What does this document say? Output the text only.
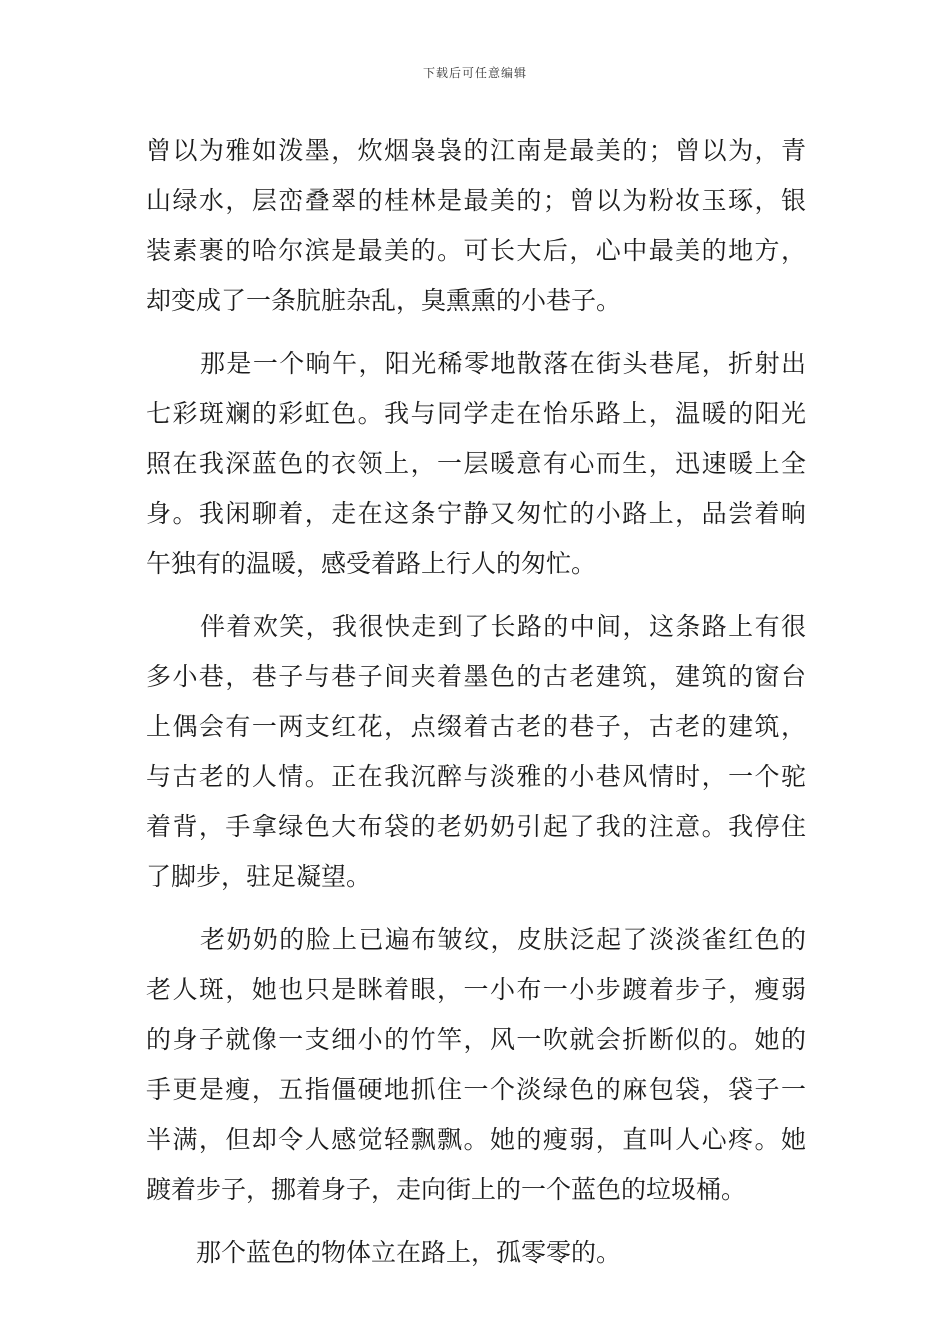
下载后可任意编辑
曾以为雅如泼墨，炊烟袅袅的江南是最美的；曾以为，青
山绿水，层峦叠翠的桂林是最美的；曾以为粉妆玉琢，银
装素裹的哈尔滨是最美的。可长大后，心中最美的地方，
却变成了一条肮脏杂乱，臭熏熏的小巷子。
那是一个晌午，阳光稀零地散落在街头巷尾，折射出
七彩斑斓的彩虹色。我与同学走在怡乐路上，温暖的阳光
照在我深蓝色的衣领上，一层暖意有心而生，迅速暖上全
身。我闲聊着，走在这条宁静又匆忙的小路上，品尝着晌
午独有的温暖，感受着路上行人的匆忙。
伴着欢笑，我很快走到了长路的中间，这条路上有很
多小巷，巷子与巷子间夹着墨色的古老建筑，建筑的窗台
上偶会有一两支红花，点缀着古老的巷子，古老的建筑，
与古老的人情。正在我沉醉与淡雅的小巷风情时，一个驼
着背，手拿绿色大布袋的老奶奶引起了我的注意。我停住
了脚步，驻足凝望。
老奶奶的脸上已遍布皱纹，皮肤泛起了淡淡雀红色的
老人斑，她也只是眯着眼，一小布一小步踱着步子，瘦弱
的身子就像一支细小的竹竿，风一吹就会折断似的。她的
手更是瘦，五指僵硬地抓住一个淡绿色的麻包袋，袋子一
半满，但却令人感觉轻飘飘。她的瘦弱，直叫人心疼。她
踱着步子，挪着身子，走向街上的一个蓝色的垃圾桶。
那个蓝色的物体立在路上，孤零零的。
